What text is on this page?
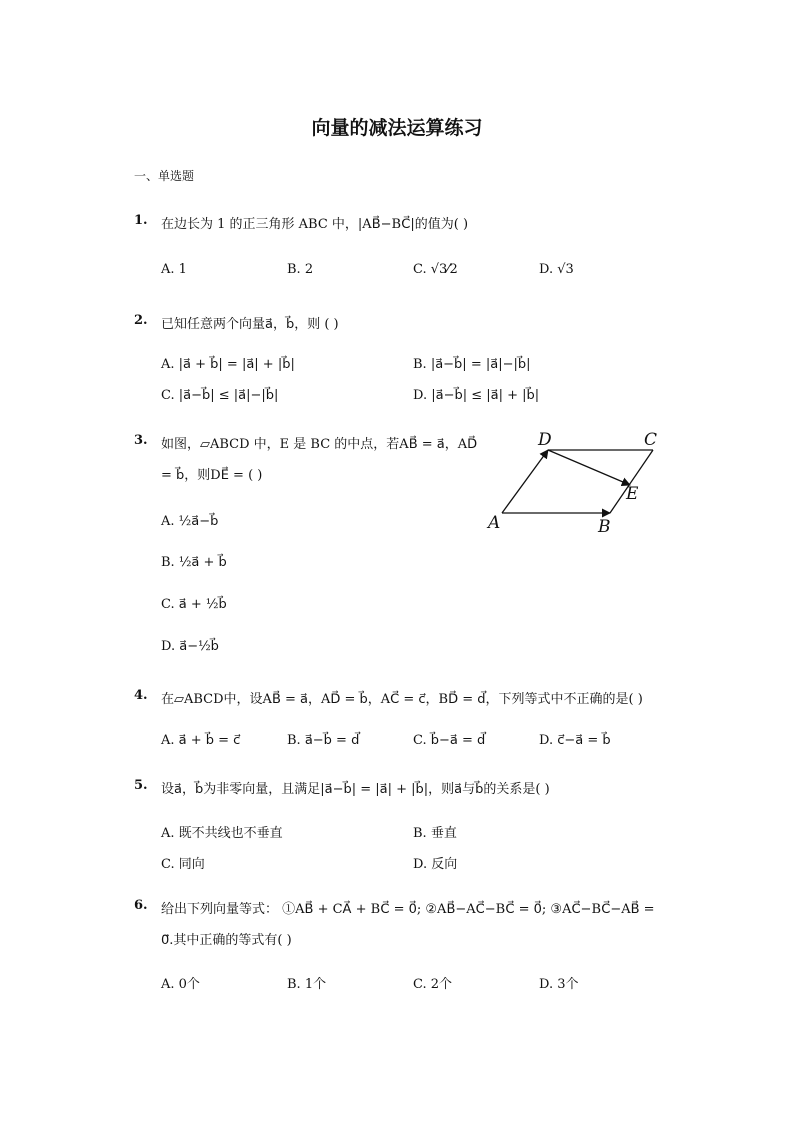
向量的减法运算练习
一、单选题
1. 在边长为 1 的正三角形 ABC 中，|AB⃗−BC⃗|的值为( )
A. 1	B. 2	C. √3⁄2	D. √3
2. 已知任意两个向量a⃗，b⃗，则 ( )
A. |a⃗ + b⃗| = |a⃗| + |b⃗|	B. |a⃗−b⃗| = |a⃗|−|b⃗|
C. |a⃗−b⃗| ≤ |a⃗|−|b⃗|	D. |a⃗−b⃗| ≤ |a⃗| + |b⃗|
3. 如图，▱ABCD 中，E 是 BC 的中点，若AB⃗ = a⃗，AD⃗
= b⃗，则DE⃗ = ( )
A. ½a⃗−b⃗
B. ½a⃗ + b⃗
C. a⃗ + ½b⃗
D. a⃗−½b⃗
D	C
E
A	B
4. 在▱ABCD中，设AB⃗ = a⃗，AD⃗ = b⃗，AC⃗ = c⃗，BD⃗ = d⃗，下列等式中不正确的是( )
A. a⃗ + b⃗ = c⃗	B. a⃗−b⃗ = d⃗	C. b⃗−a⃗ = d⃗	D. c⃗−a⃗ = b⃗
5. 设a⃗，b⃗为非零向量，且满足|a⃗−b⃗| = |a⃗| + |b⃗|，则a⃗与b⃗的关系是( )
A. 既不共线也不垂直	B. 垂直
C. 同向	D. 反向
6. 给出下列向量等式： ①AB⃗ + CA⃗ + BC⃗ = 0⃗; ②AB⃗−AC⃗−BC⃗ = 0⃗; ③AC⃗−BC⃗−AB⃗ =
0⃗.其中正确的等式有( )
A. 0个	B. 1个	C. 2个	D. 3个
